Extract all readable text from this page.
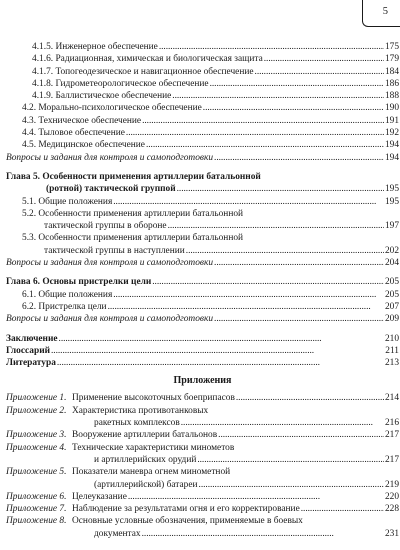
5
4.1.5. Инженерное обеспечение . . .	175
4.1.6. Радиационная, химическая и биологическая защита . . .	179
4.1.7. Топогеодезическое и навигационное обеспечение . . .	184
4.1.8. Гидрометеорологическое обеспечение . . .	186
4.1.9. Баллистическое обеспечение . . .	188
4.2. Морально-психологическое обеспечение . . .	190
4.3. Техническое обеспечение . . .	191
4.4. Тыловое обеспечение . . .	192
4.5. Медицинское обеспечение . . .	194
Вопросы и задания для контроля и самоподготовки . . .	194
Глава 5. Особенности применения артиллерии батальонной
(ротной) тактической группой . . .	195
5.1. Общие положения . . .	195
5.2. Особенности применения артиллерии батальонной
тактической группы в обороне . . .	197
5.3. Особенности применения артиллерии батальонной
тактической группы в наступлении . . .	202
Вопросы и задания для контроля и самоподготовки . . .	204
Глава 6. Основы пристрелки цели . . .	205
6.1. Общие положения . . .	205
6.2. Пристрелка цели . . .	207
Вопросы и задания для контроля и самоподготовки . . .	209
Заключение . . .	210
Глоссарий . . .	211
Литература . . .	213
Приложения
Приложение 1. Применение высокоточных боеприпасов . . .	214
Приложение 2. Характеристика противотанковых
ракетных комплексов . . .	216
Приложение 3. Вооружение артиллерии батальонов . . .	217
Приложение 4. Технические характеристики минометов
и артиллерийских орудий . . .	217
Приложение 5. Показатели маневра огнем минометной
(артиллерийской) батареи . . .	219
Приложение 6. Целеуказание . . .	220
Приложение 7. Наблюдение за результатами огня и его корректирование . . .	228
Приложение 8. Основные условные обозначения, применяемые в боевых
документах . . .	231
